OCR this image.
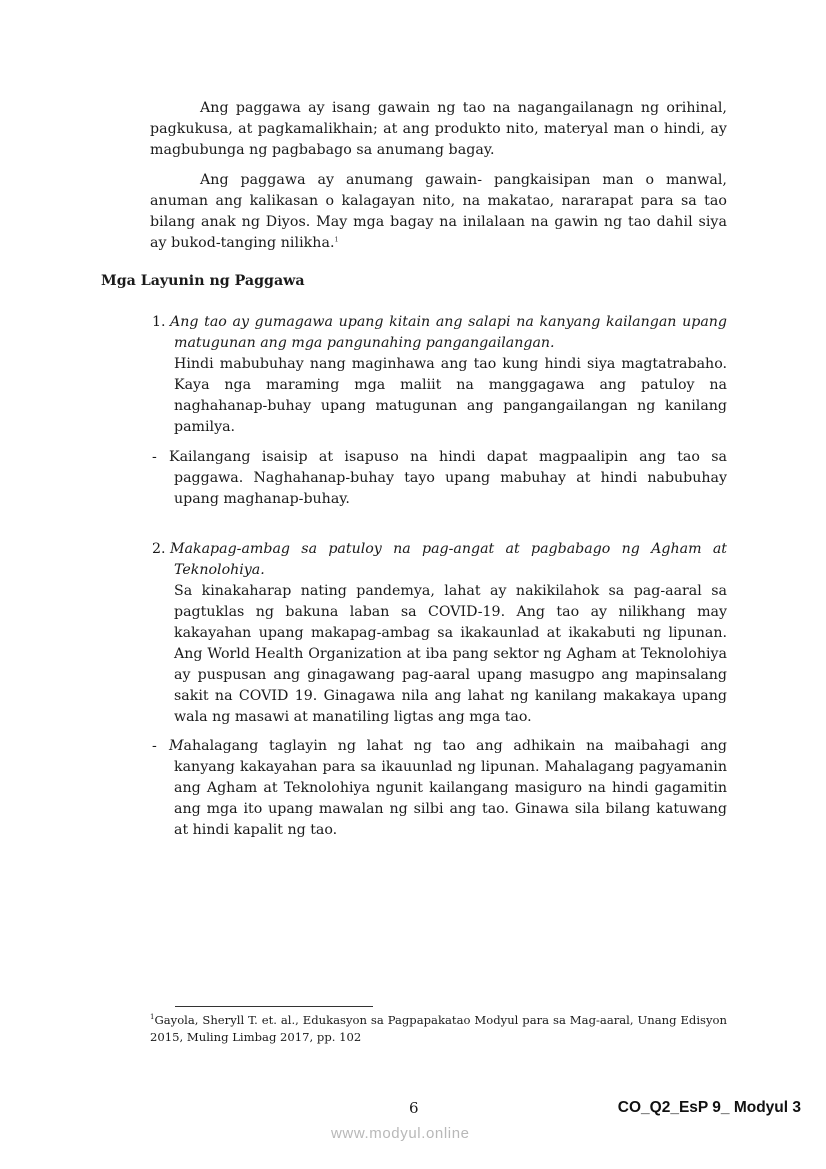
Ang paggawa ay isang gawain ng tao na nagangailanagn ng orihinal, pagkukusa, at pagkamalikhain; at ang produkto nito, materyal man o hindi, ay magbubunga ng pagbabago sa anumang bagay.
Ang paggawa ay anumang gawain- pangkaisipan man o manwal, anuman ang kalikasan o kalagayan nito, na makatao, nararapat para sa tao bilang anak ng Diyos. May mga bagay na inilalaan na gawin ng tao dahil siya ay bukod-tanging nilikha.$^1$
Mga Layunin ng Paggawa
1. Ang tao ay gumagawa upang kitain ang salapi na kanyang kailangan upang matugunan ang mga pangunahing pangangailangan.
Hindi mabubuhay nang maginhawa ang tao kung hindi siya magtatrabaho. Kaya nga maraming mga maliit na manggagawa ang patuloy na naghahanap-buhay upang matugunan ang pangangailangan ng kanilang pamilya.
- Kailangang isaisip at isapuso na hindi dapat magpaalipin ang tao sa paggawa. Naghahanap-buhay tayo upang mabuhay at hindi nabubuhay upang maghanap-buhay.
2. Makapag-ambag sa patuloy na pag-angat at pagbabago ng Agham at Teknolohiya.
Sa kinakaharap nating pandemya, lahat ay nakikilahok sa pag-aaral sa pagtuklas ng bakuna laban sa COVID-19. Ang tao ay nilikhang may kakayahan upang makapag-ambag sa ikakaunlad at ikakabuti ng lipunan. Ang World Health Organization at iba pang sektor ng Agham at Teknolohiya ay puspusan ang ginagawang pag-aaral upang masugpo ang mapinsalang sakit na COVID 19. Ginagawa nila ang lahat ng kanilang makakaya upang wala ng masawi at manatiling ligtas ang mga tao.
- Mahalagang taglayin ng lahat ng tao ang adhikain na maibahagi ang kanyang kakayahan para sa ikauunlad ng lipunan. Mahalagang pagyamanin ang Agham at Teknolohiya ngunit kailangang masiguro na hindi gagamitin ang mga ito upang mawalan ng silbi ang tao. Ginawa sila bilang katuwang at hindi kapalit ng tao.
$^1$Gayola, Sheryll T. et. al., Edukasyon sa Pagpapakatao Modyul para sa Mag-aaral, Unang Edisyon 2015, Muling Limbag 2017, pp. 102
6	CO_Q2_EsP 9_ Modyul 3
www.modyul.online
